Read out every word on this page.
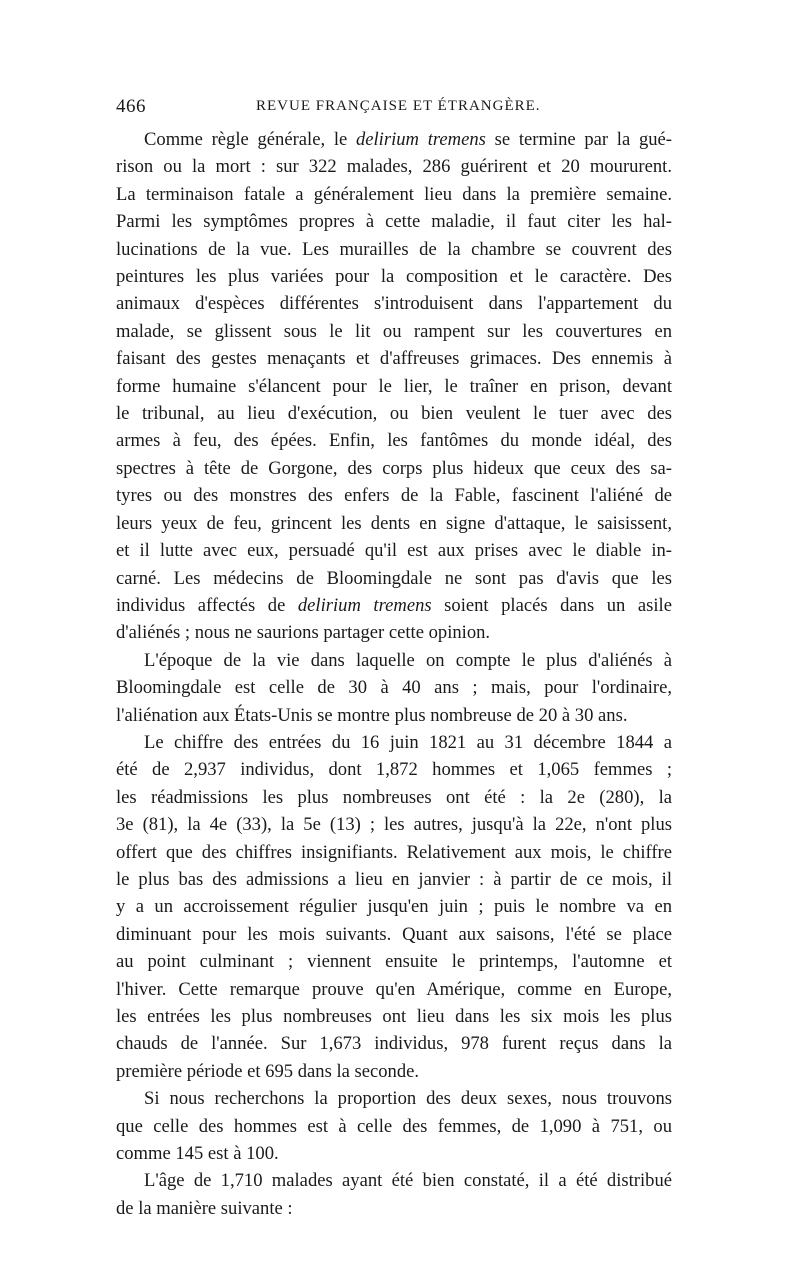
466	REVUE FRANÇAISE ET ÉTRANGÈRE.
Comme règle générale, le delirium tremens se termine par la gué-
rison ou la mort : sur 322 malades, 286 guérirent et 20 moururent.
La terminaison fatale a généralement lieu dans la première semaine.
Parmi les symptômes propres à cette maladie, il faut citer les hal-
lucinations de la vue. Les murailles de la chambre se couvrent des
peintures les plus variées pour la composition et le caractère. Des
animaux d'espèces différentes s'introduisent dans l'appartement du
malade, se glissent sous le lit ou rampent sur les couvertures en
faisant des gestes menaçants et d'affreuses grimaces. Des ennemis à
forme humaine s'élancent pour le lier, le traîner en prison, devant
le tribunal, au lieu d'exécution, ou bien veulent le tuer avec des
armes à feu, des épées. Enfin, les fantômes du monde idéal, des
spectres à tête de Gorgone, des corps plus hideux que ceux des sa-
tyres ou des monstres des enfers de la Fable, fascinent l'aliéné de
leurs yeux de feu, grincent les dents en signe d'attaque, le saisissent,
et il lutte avec eux, persuadé qu'il est aux prises avec le diable in-
carné. Les médecins de Bloomingdale ne sont pas d'avis que les
individus affectés de delirium tremens soient placés dans un asile
d'aliénés ; nous ne saurions partager cette opinion.
L'époque de la vie dans laquelle on compte le plus d'aliénés à
Bloomingdale est celle de 30 à 40 ans ; mais, pour l'ordinaire,
l'aliénation aux États-Unis se montre plus nombreuse de 20 à 30 ans.
Le chiffre des entrées du 16 juin 1821 au 31 décembre 1844 a
été de 2,937 individus, dont 1,872 hommes et 1,065 femmes ;
les réadmissions les plus nombreuses ont été : la 2e (280), la
3e (81), la 4e (33), la 5e (13) ; les autres, jusqu'à la 22e, n'ont plus
offert que des chiffres insignifiants. Relativement aux mois, le chiffre
le plus bas des admissions a lieu en janvier : à partir de ce mois, il
y a un accroissement régulier jusqu'en juin ; puis le nombre va en
diminuant pour les mois suivants. Quant aux saisons, l'été se place
au point culminant ; viennent ensuite le printemps, l'automne et
l'hiver. Cette remarque prouve qu'en Amérique, comme en Europe,
les entrées les plus nombreuses ont lieu dans les six mois les plus
chauds de l'année. Sur 1,673 individus, 978 furent reçus dans la
première période et 695 dans la seconde.
Si nous recherchons la proportion des deux sexes, nous trouvons
que celle des hommes est à celle des femmes, de 1,090 à 751, ou
comme 145 est à 100.
L'âge de 1,710 malades ayant été bien constaté, il a été distribué
de la manière suivante :
